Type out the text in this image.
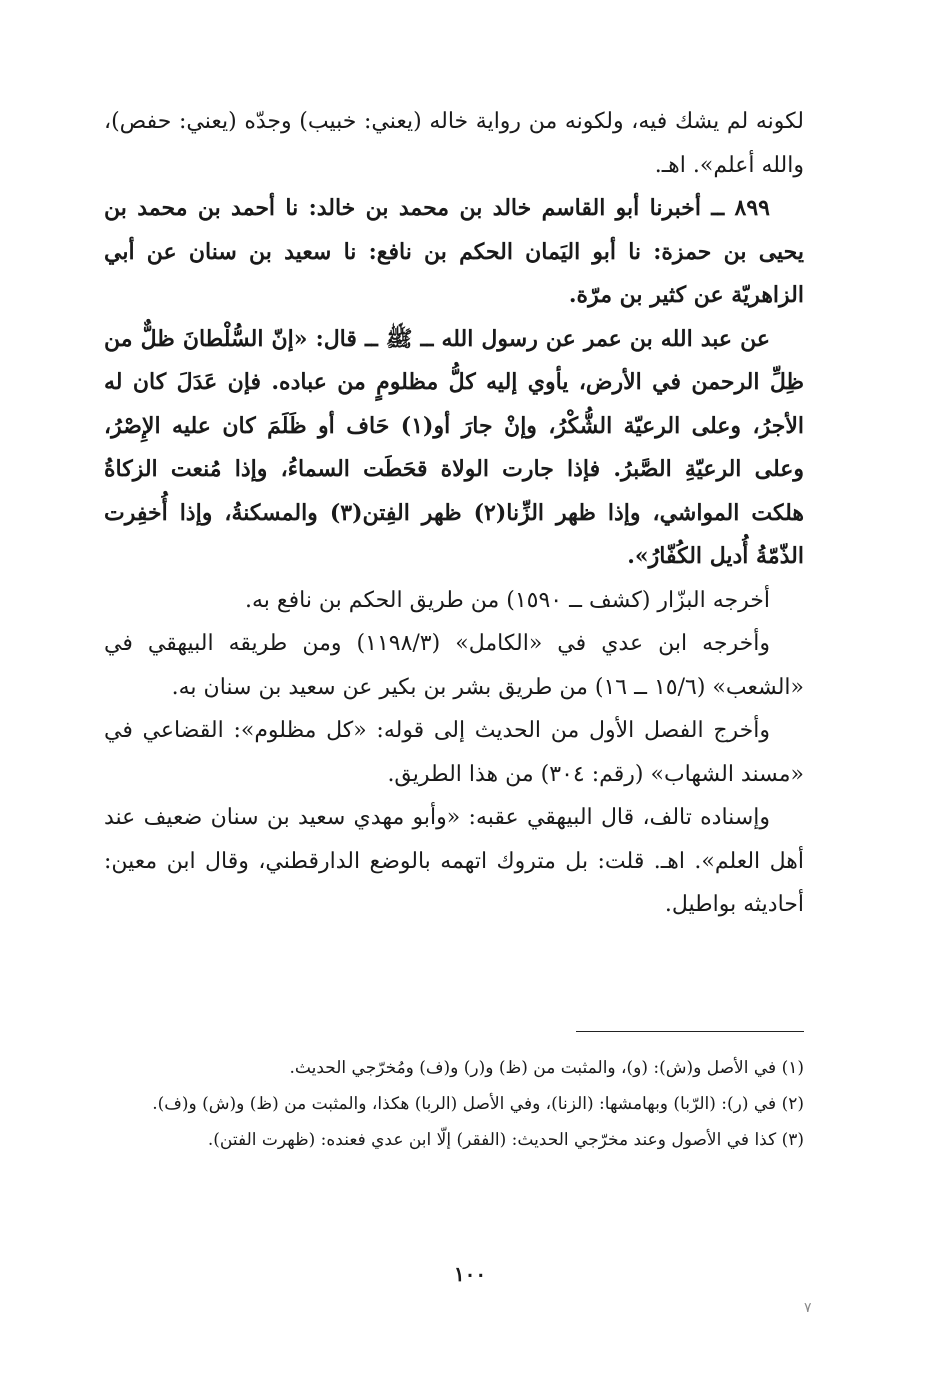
لكونه لم يشك فيه، ولكونه من رواية خاله (يعني: خبيب) وجدّه (يعني: حفص)، والله أعلم». اهـ.

٨٩٩ ــ أخبرنا أبو القاسم خالد بن محمد بن خالد: نا أحمد بن محمد بن يحيى بن حمزة: نا أبو اليَمان الحكم بن نافع: نا سعيد بن سنان عن أبي الزاهريّة عن كثير بن مرّة.

عن عبد الله بن عمر عن رسول الله ــ ﷺ ــ قال: «إنّ السُّلْطانَ ظلٌّ من ظِلِّ الرحمن في الأرض، يأوي إليه كلُّ مظلومٍ من عباده. فإن عَدَلَ كان له الأجرُ، وعلى الرعيّة الشُّكْرُ، وإنْ جارَ أو(١) حَاف أو ظَلَمَ كان عليه الإِصْرُ، وعلى الرعيّةِ الصَّبرُ. فإذا جارت الولاة قحَطَت السماءُ، وإذا مُنعت الزكاةُ هلكت المواشي، وإذا ظهر الزِّنا(٢) ظهر الفِتن(٣) والمسكنةُ، وإذا أُخفِرت الذّمّةُ أُديل الكُفّارُ».

أخرجه البزّار (كشف ــ ١٥٩٠) من طريق الحكم بن نافع به.

وأخرجه ابن عدي في «الكامل» (١١٩٨/٣) ومن طريقه البيهقي في «الشعب» (١٥/٦ ــ ١٦) من طريق بشر بن بكير عن سعيد بن سنان به.

وأخرج الفصل الأول من الحديث إلى قوله: «كل مظلوم»: القضاعي في «مسند الشهاب» (رقم: ٣٠٤) من هذا الطريق.

وإسناده تالف، قال البيهقي عقبه: «وأبو مهدي سعيد بن سنان ضعيف عند أهل العلم». اهـ. قلت: بل متروك اتهمه بالوضع الدارقطني، وقال ابن معين: أحاديثه بواطيل.

(١) في الأصل و(ش): (و)، والمثبت من (ظ) و(ر) و(ف) ومُخرّجي الحديث.

(٢) في (ر): (الرّبا) وبهامشها: (الزنا)، وفي الأصل (الربا) هكذا، والمثبت من (ظ) و(ش) و(ف).

(٣) كذا في الأصول وعند مخرّجي الحديث: (الفقر) إلّا ابن عدي فعنده: (ظهرت الفتن).

١٠٠
٧
